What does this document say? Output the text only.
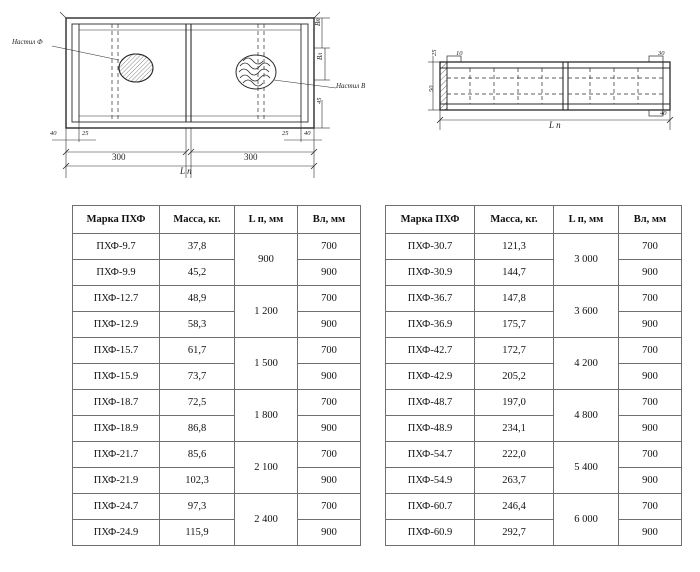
Настил Ф
Настил В
300	300
L п
40	25	25 40
Вп
Вл
45
L п
10	30
25
50
40
Марка ПХФ	Масса, кг.	L п, мм	Вл, мм
ПХФ-9.7	37,8	900	700
ПХФ-9.9	45,2		900
ПХФ-12.7	48,9	1 200	700
ПХФ-12.9	58,3		900
ПХФ-15.7	61,7	1 500	700
ПХФ-15.9	73,7		900
ПХФ-18.7	72,5	1 800	700
ПХФ-18.9	86,8		900
ПХФ-21.7	85,6	2 100	700
ПХФ-21.9	102,3		900
ПХФ-24.7	97,3	2 400	700
ПХФ-24.9	115,9		900
Марка ПХФ	Масса, кг.	L п, мм	Вл, мм
ПХФ-30.7	121,3	3 000	700
ПХФ-30.9	144,7		900
ПХФ-36.7	147,8	3 600	700
ПХФ-36.9	175,7		900
ПХФ-42.7	172,7	4 200	700
ПХФ-42.9	205,2		900
ПХФ-48.7	197,0	4 800	700
ПХФ-48.9	234,1		900
ПХФ-54.7	222,0	5 400	700
ПХФ-54.9	263,7		900
ПХФ-60.7	246,4	6 000	700
ПХФ-60.9	292,7		900
